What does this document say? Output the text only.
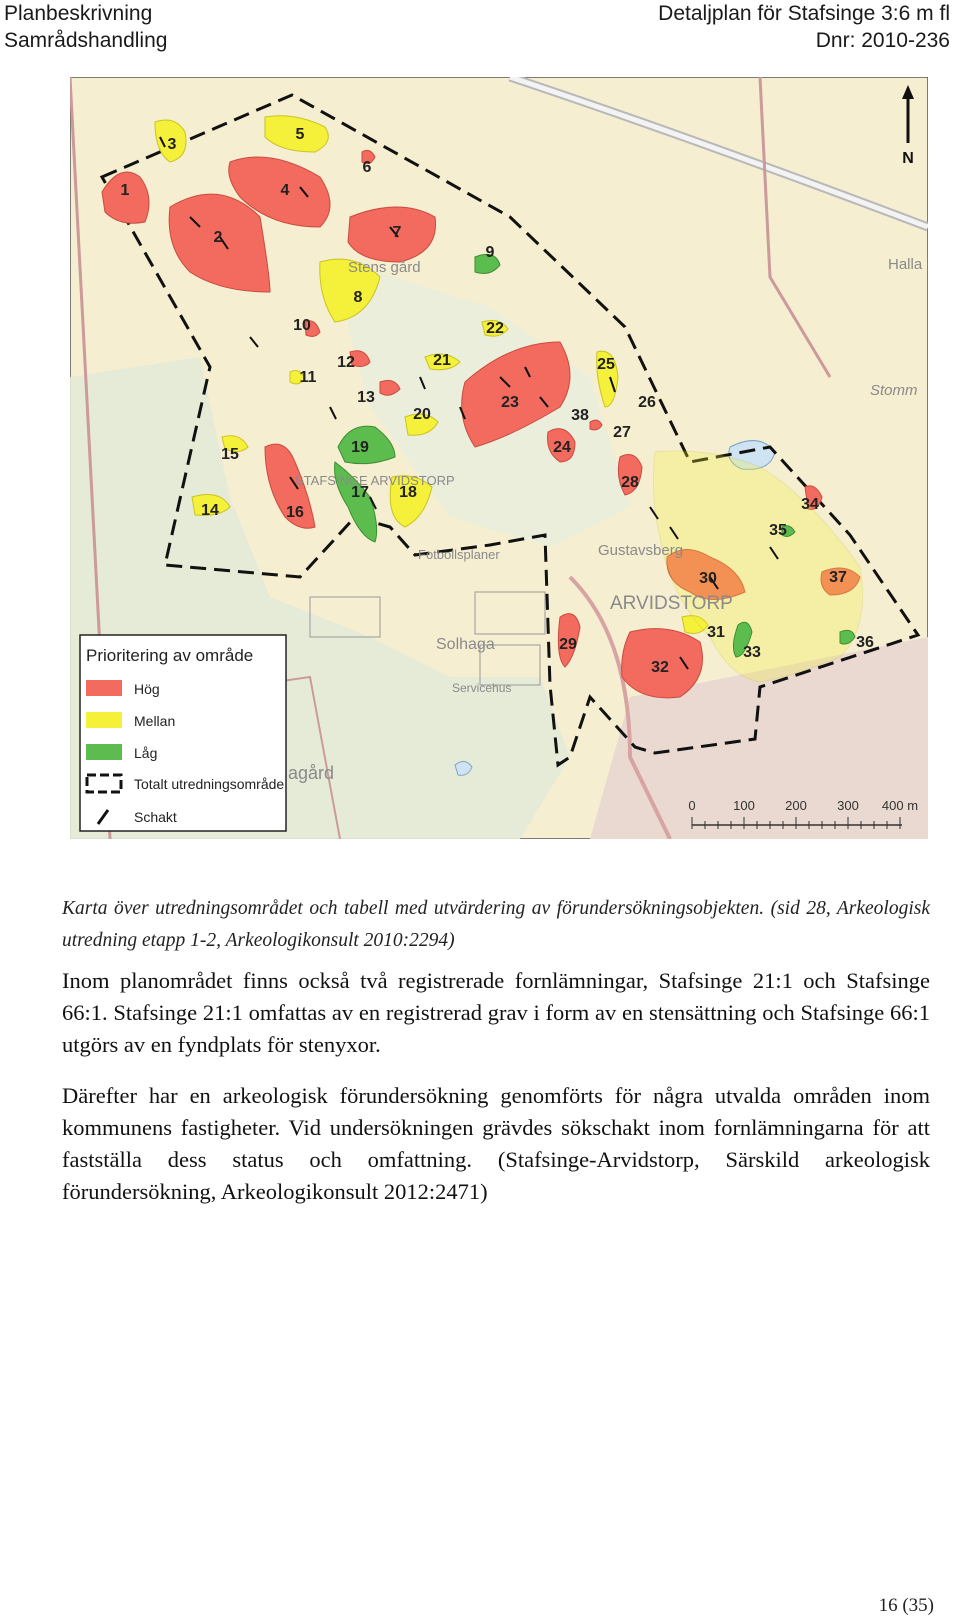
Planbeskrivning
Samrådshandling
Detaljplan för Stafsinge 3:6 m fl
Dnr: 2010-236
1
2
3
4
5
6
7
8
9
10
11
12
13
14
15
16
17 18
19
20
21
22
23
24
25
26
27
28
29
30
31
32
33
34
35
36
37
38
Stens gård
STAFSINGE ARVIDSTORP
Gustavsberg
ARVIDSTORP
Fotbollsplaner
Solhaga
Servicehus
Halla
Stomm
agård
N
0	100 200 300 400 m
Prioritering av område
Hög
Mellan
Låg
Totalt utredningsområde
Schakt
Karta över utredningsområdet och tabell med utvärdering av förundersökningsobjekten. (sid 28, Arkeologisk utredning etapp 1-2, Arkeologikonsult 2010:2294)
Inom planområdet finns också två registrerade fornlämningar, Stafsinge 21:1 och Stafsinge 66:1. Stafsinge 21:1 omfattas av en registrerad grav i form av en stensättning och Stafsinge 66:1 utgörs av en fyndplats för stenyxor.
Därefter har en arkeologisk förundersökning genomförts för några utvalda områden inom kommunens fastigheter. Vid undersökningen grävdes sökschakt inom fornlämningarna för att fastställa dess status och omfattning. (Stafsinge-Arvidstorp, Särskild arkeologisk förundersökning, Arkeologikonsult 2012:2471)
16 (35)
